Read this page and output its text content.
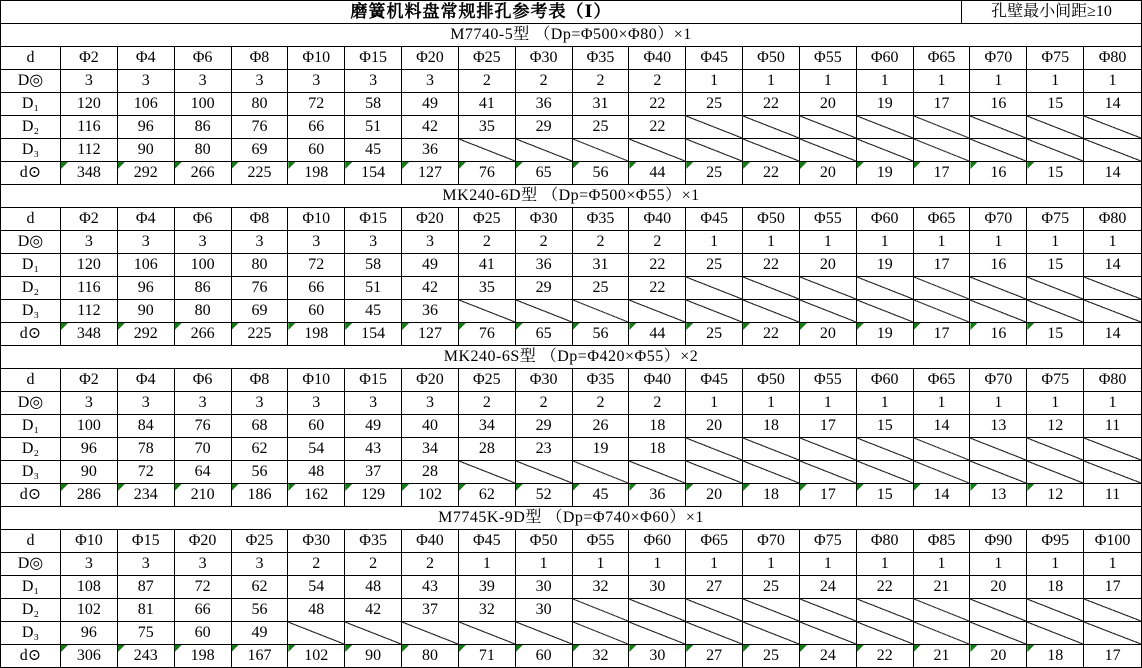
磨簧机料盘常规排孔参考表（Ⅰ）	孔壁最小间距≥10
M7740-5型 （Dp=Φ500×Φ80）×1
d	Φ2	Φ4	Φ6	Φ8	Φ10	Φ15	Φ20	Φ25	Φ30	Φ35	Φ40	Φ45	Φ50	Φ55	Φ60	Φ65	Φ70	Φ75	Φ80
D◎	3	3	3	3	3	3	3	2	2	2	2	1	1	1	1	1	1	1	1
D₁	120	106	100	80	72	58	49	41	36	31	22	25	22	20	19	17	16	15	14
D₂	116	96	86	76	66	51	42	35	29	25	22
D₃	112	90	80	69	60	45	36
d⊙	348	292	266	225	198	154	127	76	65	56	44	25	22	20	19	17	16	15	14
MK240-6D型 （Dp=Φ500×Φ55）×1
d	Φ2	Φ4	Φ6	Φ8	Φ10	Φ15	Φ20	Φ25	Φ30	Φ35	Φ40	Φ45	Φ50	Φ55	Φ60	Φ65	Φ70	Φ75	Φ80
D◎	3	3	3	3	3	3	3	2	2	2	2	1	1	1	1	1	1	1	1
D₁	120	106	100	80	72	58	49	41	36	31	22	25	22	20	19	17	16	15	14
D₂	116	96	86	76	66	51	42	35	29	25	22
D₃	112	90	80	69	60	45	36
d⊙	348	292	266	225	198	154	127	76	65	56	44	25	22	20	19	17	16	15	14
MK240-6S型 （Dp=Φ420×Φ55）×2
d	Φ2	Φ4	Φ6	Φ8	Φ10	Φ15	Φ20	Φ25	Φ30	Φ35	Φ40	Φ45	Φ50	Φ55	Φ60	Φ65	Φ70	Φ75	Φ80
D◎	3	3	3	3	3	3	3	2	2	2	2	1	1	1	1	1	1	1	1
D₁	100	84	76	68	60	49	40	34	29	26	18	20	18	17	15	14	13	12	11
D₂	96	78	70	62	54	43	34	28	23	19	18
D₃	90	72	64	56	48	37	28
d⊙	286	234	210	186	162	129	102	62	52	45	36	20	18	17	15	14	13	12	11
M7745K-9D型 （Dp=Φ740×Φ60）×1
d	Φ10	Φ15	Φ20	Φ25	Φ30	Φ35	Φ40	Φ45	Φ50	Φ55	Φ60	Φ65	Φ70	Φ75	Φ80	Φ85	Φ90	Φ95	Φ100
D◎	3	3	3	3	2	2	2	1	1	1	1	1	1	1	1	1	1	1	1
D₁	108	87	72	62	54	48	43	39	30	32	30	27	25	24	22	21	20	18	17
D₂	102	81	66	56	48	42	37	32	30
D₃	96	75	60	49
d⊙	306	243	198	167	102	90	80	71	60	32	30	27	25	24	22	21	20	18	17
